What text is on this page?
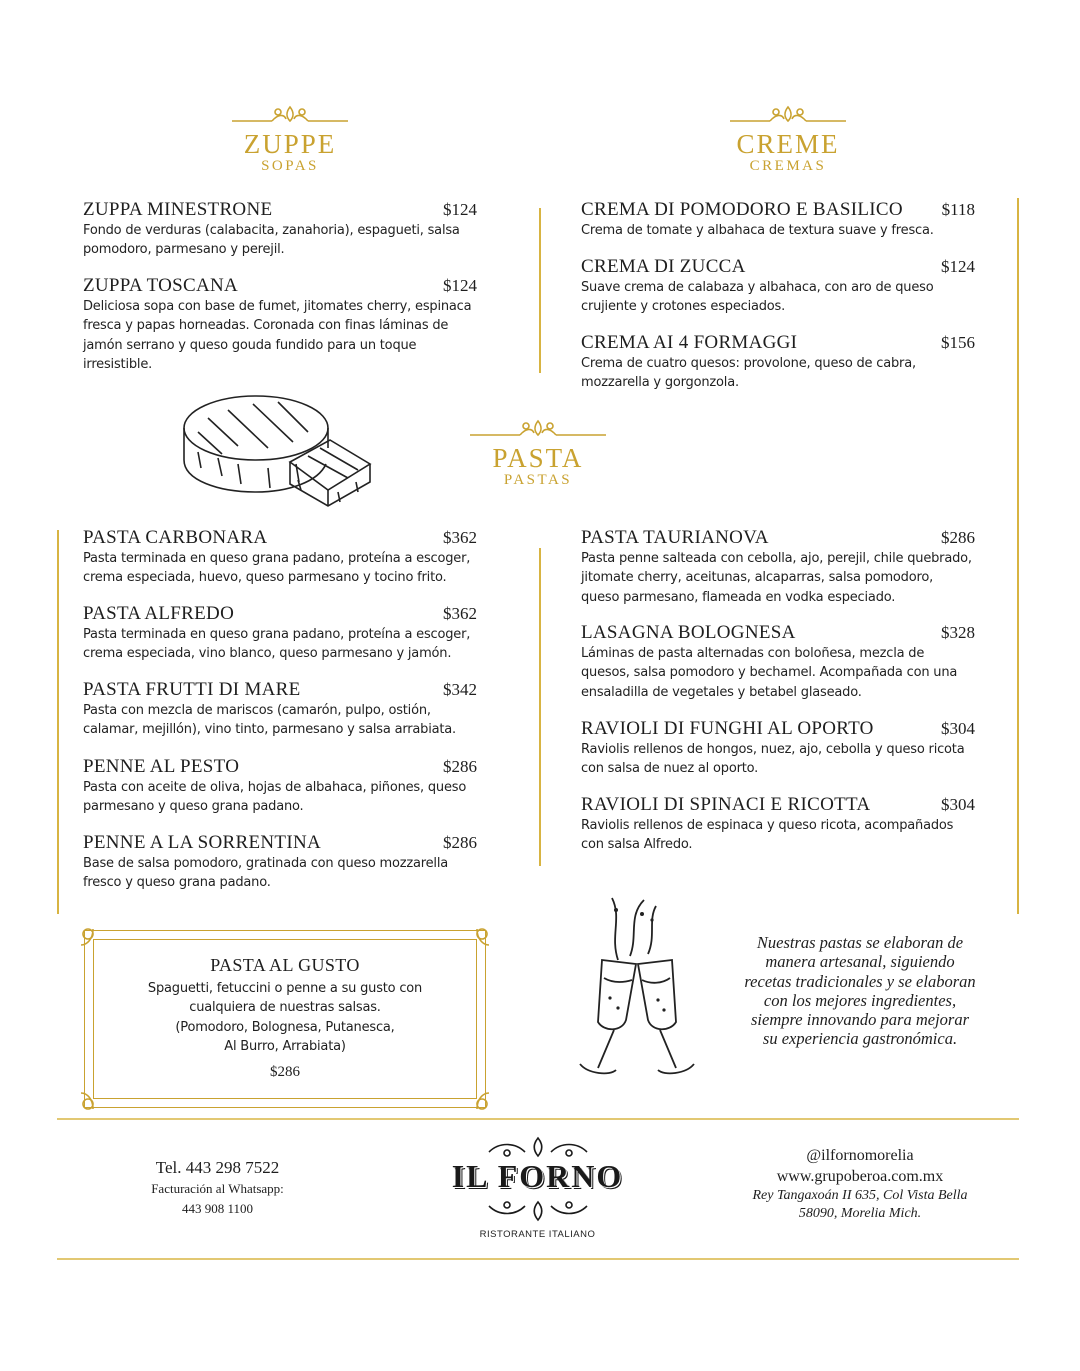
ZUPPE
SOPAS
CREME
CREMAS
PASTA
PASTAS
ZUPPA MINESTRONE	$124
Fondo de verduras (calabacita, zanahoria), espagueti, salsa pomodoro, parmesano y perejil.
ZUPPA TOSCANA	$124
Deliciosa sopa con base de fumet, jitomates cherry, espinaca fresca y papas horneadas. Coronada con finas láminas de jamón serrano y queso gouda fundido para un toque irresistible.
CREMA DI POMODORO E BASILICO $118
Crema de tomate y albahaca de textura suave y fresca.
CREMA DI ZUCCA	$124
Suave crema de calabaza y albahaca, con aro de queso crujiente y crotones especiados.
CREMA AI 4 FORMAGGI	$156
Crema de cuatro quesos: provolone, queso de cabra, mozzarella y gorgonzola.
PASTA CARBONARA	$362
Pasta terminada en queso grana padano, proteína a escoger, crema especiada, huevo, queso parmesano y tocino frito.
PASTA ALFREDO	$362
Pasta terminada en queso grana padano, proteína a escoger, crema especiada, vino blanco, queso parmesano y jamón.
PASTA FRUTTI DI MARE	$342
Pasta con mezcla de mariscos (camarón, pulpo, ostión, calamar, mejillón), vino tinto, parmesano y salsa arrabiata.
PENNE AL PESTO	$286
Pasta con aceite de oliva, hojas de albahaca, piñones, queso parmesano y queso grana padano.
PENNE A LA SORRENTINA	$286
Base de salsa pomodoro, gratinada con queso mozzarella fresco y queso grana padano.
PASTA TAURIANOVA	$286
Pasta penne salteada con cebolla, ajo, perejil, chile quebrado, jitomate cherry, aceitunas, alcaparras, salsa pomodoro, queso parmesano, flameada en vodka especiado.
LASAGNA BOLOGNESA	$328
Láminas de pasta alternadas con boloñesa, mezcla de quesos, salsa pomodoro y bechamel. Acompañada con una ensaladilla de vegetales y betabel glaseado.
RAVIOLI DI FUNGHI AL OPORTO	$304
Raviolis rellenos de hongos, nuez, ajo, cebolla y queso ricota con salsa de nuez al oporto.
RAVIOLI DI SPINACI E RICOTTA	$304
Raviolis rellenos de espinaca y queso ricota, acompañados con salsa Alfredo.
PASTA AL GUSTO
Spaguetti, fetuccini o penne a su gusto con
cualquiera de nuestras salsas.
(Pomodoro, Bolognesa, Putanesca,
Al Burro, Arrabiata)
$286
Nuestras pastas se elaboran de
manera artesanal, siguiendo
recetas tradicionales y se elaboran
con los mejores ingredientes,
siempre innovando para mejorar
su experiencia gastronómica.
Tel. 443 298 7522
Facturación al Whatsapp:
443 908 1100
IL FORNO
RISTORANTE ITALIANO
@ilfornomorelia
www.grupoberoa.com.mx
Rey Tangaxoán II 635, Col Vista Bella
58090, Morelia Mich.
